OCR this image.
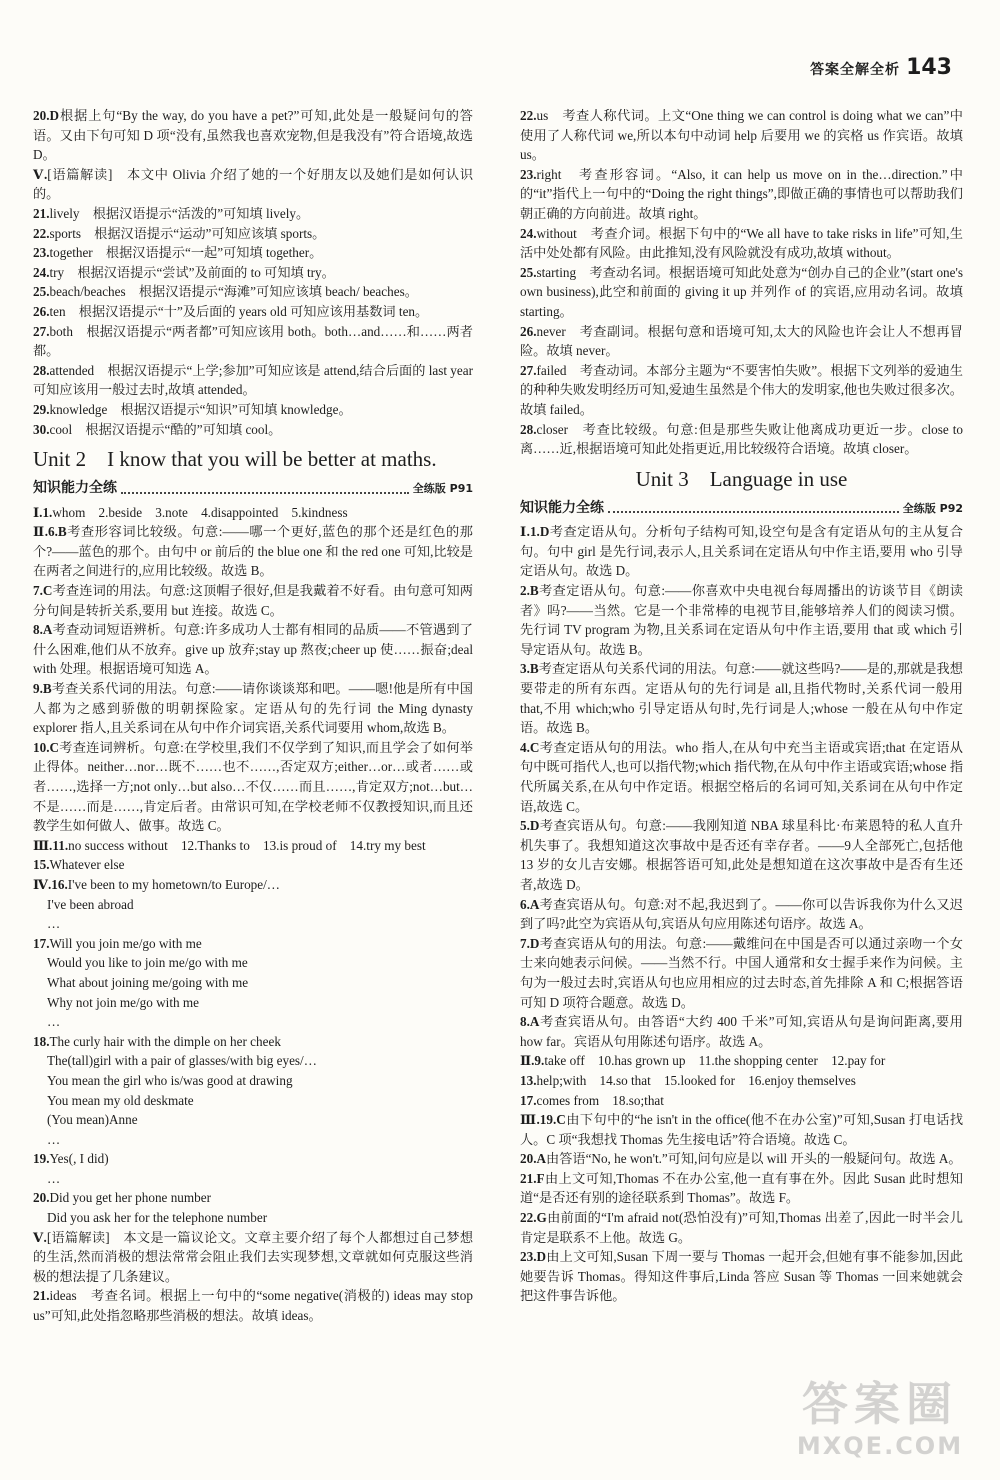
答案全解全析 143

20.D根据上句“By the way, do you have a pet?”可知,此处是一般疑问句的答语。又由下句可知 D 项“没有,虽然我也喜欢宠物,但是我没有”符合语境,故选 D。

Ⅴ.[语篇解读]　本文中 Olivia 介绍了她的一个好朋友以及她们是如何认识的。

21.lively　根据汉语提示“活泼的”可知填 lively。

22.sports　根据汉语提示“运动”可知应该填 sports。

23.together　根据汉语提示“一起”可知填 together。

24.try　根据汉语提示“尝试”及前面的 to 可知填 try。

25.beach/beaches　根据汉语提示“海滩”可知应该填 beach/ beaches。

26.ten　根据汉语提示“十”及后面的 years old 可知应该用基数词 ten。

27.both　根据汉语提示“两者都”可知应该用 both。both…and……和……两者都。

28.attended　根据汉语提示“上学;参加”可知应该是 attend,结合后面的 last year 可知应该用一般过去时,故填 attended。

29.knowledge　根据汉语提示“知识”可知填 knowledge。

30.cool　根据汉语提示“酷的”可知填 cool。

Unit 2　I know that you will be better at maths.
知识能力全练	全练版 P91

Ⅰ.1.whom　2.beside　3.note　4.disappointed　5.kindness

Ⅱ.6.B考查形容词比较级。句意:——哪一个更好,蓝色的那个还是红色的那个?——蓝色的那个。由句中 or 前后的 the blue one 和 the red one 可知,比较是在两者之间进行的,应用比较级。故选 B。

7.C考查连词的用法。句意:这顶帽子很好,但是我戴着不好看。由句意可知两分句间是转折关系,要用 but 连接。故选 C。

8.A考查动词短语辨析。句意:许多成功人士都有相同的品质——不管遇到了什么困难,他们从不放弃。give up 放弃;stay up 熬夜;cheer up 使……振奋;deal with 处理。根据语境可知选 A。

9.B考查关系代词的用法。句意:——请你谈谈郑和吧。——嗯!他是所有中国人都为之感到骄傲的明朝探险家。定语从句的先行词 the Ming dynasty explorer 指人,且关系词在从句中作介词宾语,关系代词要用 whom,故选 B。

10.C考查连词辨析。句意:在学校里,我们不仅学到了知识,而且学会了如何举止得体。neither…nor…既不……也不……,否定双方;either…or…或者……或者……,选择一方;not only…but also…不仅……而且……,肯定双方;not…but…不是……而是……,肯定后者。由常识可知,在学校老师不仅教授知识,而且还教学生如何做人、做事。故选 C。

Ⅲ.11.no success without　12.Thanks to　13.is proud of　14.try my best

15.Whatever else

Ⅳ.16.I've been to my hometown/to Europe/…

I've been abroad

…

17.Will you join me/go with me

Would you like to join me/go with me

What about joining me/going with me

Why not join me/go with me

…

18.The curly hair with the dimple on her cheek

The(tall)girl with a pair of glasses/with big eyes/…

You mean the girl who is/was good at drawing

You mean my old deskmate

(You mean)Anne

…

19.Yes(, I did)

…

20.Did you get her phone number

Did you ask her for the telephone number

Ⅴ.[语篇解读]　本文是一篇议论文。文章主要介绍了每个人都想过自己梦想的生活,然而消极的想法常常会阻止我们去实现梦想,文章就如何克服这些消极的想法提了几条建议。

21.ideas　考查名词。根据上一句中的“some negative(消极的) ideas may stop us”可知,此处指忽略那些消极的想法。故填 ideas。

22.us　考查人称代词。上文“One thing we can control is doing what we can”中使用了人称代词 we,所以本句中动词 help 后要用 we 的宾格 us 作宾语。故填 us。

23.right　考查形容词。“Also, it can help us move on in the…direction.”中的“it”指代上一句中的“Doing the right things”,即做正确的事情也可以帮助我们朝正确的方向前进。故填 right。

24.without　考查介词。根据下句中的“We all have to take risks in life”可知,生活中处处都有风险。由此推知,没有风险就没有成功,故填 without。

25.starting　考查动名词。根据语境可知此处意为“创办自己的企业”(start one's own business),此空和前面的 giving it up 并列作 of 的宾语,应用动名词。故填 starting。

26.never　考查副词。根据句意和语境可知,太大的风险也许会让人不想再冒险。故填 never。

27.failed　考查动词。本部分主题为“不要害怕失败”。根据下文列举的爱迪生的种种失败发明经历可知,爱迪生虽然是个伟大的发明家,他也失败过很多次。故填 failed。

28.closer　考查比较级。句意:但是那些失败让他离成功更近一步。close to 离……近,根据语境可知此处指更近,用比较级符合语境。故填 closer。

Unit 3　Language in use
知识能力全练	全练版 P92

Ⅰ.1.D考查定语从句。分析句子结构可知,设空句是含有定语从句的主从复合句。句中 girl 是先行词,表示人,且关系词在定语从句中作主语,要用 who 引导定语从句。故选 D。

2.B考查定语从句。句意:——你喜欢中央电视台每周播出的访谈节目《朗读者》吗?——当然。它是一个非常棒的电视节目,能够培养人们的阅读习惯。先行词 TV program 为物,且关系词在定语从句中作主语,要用 that 或 which 引导定语从句。故选 B。

3.B考查定语从句关系代词的用法。句意:——就这些吗?——是的,那就是我想要带走的所有东西。定语从句的先行词是 all,且指代物时,关系代词一般用 that,不用 which;who 引导定语从句时,先行词是人;whose 一般在从句中作定语。故选 B。

4.C考查定语从句的用法。who 指人,在从句中充当主语或宾语;that 在定语从句中既可指代人,也可以指代物;which 指代物,在从句中作主语或宾语;whose 指代所属关系,在从句中作定语。根据空格后的名词可知,关系词在从句中作定语,故选 C。

5.D考查宾语从句。句意:——我刚知道 NBA 球星科比·布莱恩特的私人直升机失事了。我想知道这次事故中是否还有幸存者。——9人全部死亡,包括他 13 岁的女儿吉安娜。根据答语可知,此处是想知道在这次事故中是否有生还者,故选 D。

6.A考查宾语从句。句意:对不起,我迟到了。——你可以告诉我你为什么又迟到了吗?此空为宾语从句,宾语从句应用陈述句语序。故选 A。

7.D考查宾语从句的用法。句意:——戴维问在中国是否可以通过亲吻一个女士来向她表示问候。——当然不行。中国人通常和女士握手来作为问候。主句为一般过去时,宾语从句也应用相应的过去时态,首先排除 A 和 C;根据答语可知 D 项符合题意。故选 D。

8.A考查宾语从句。由答语“大约 400 千米”可知,宾语从句是询问距离,要用 how far。宾语从句用陈述句语序。故选 A。

Ⅱ.9.take off　10.has grown up　11.the shopping center　12.pay for

13.help;with　14.so that　15.looked for　16.enjoy themselves

17.comes from　18.so;that

Ⅲ.19.C由下句中的“he isn't in the office(他不在办公室)”可知,Susan 打电话找人。C 项“我想找 Thomas 先生接电话”符合语境。故选 C。

20.A由答语“No, he won't.”可知,问句应是以 will 开头的一般疑问句。故选 A。

21.F由上文可知,Thomas 不在办公室,他一直有事在外。因此 Susan 此时想知道“是否还有别的途径联系到 Thomas”。故选 F。

22.G由前面的“I'm afraid not(恐怕没有)”可知,Thomas 出差了,因此一时半会儿肯定是联系不上他。故选 G。

23.D由上文可知,Susan 下周一要与 Thomas 一起开会,但她有事不能参加,因此她要告诉 Thomas。得知这件事后,Linda 答应 Susan 等 Thomas 一回来她就会把这件事告诉他。

答案圈
MXQE.COM
